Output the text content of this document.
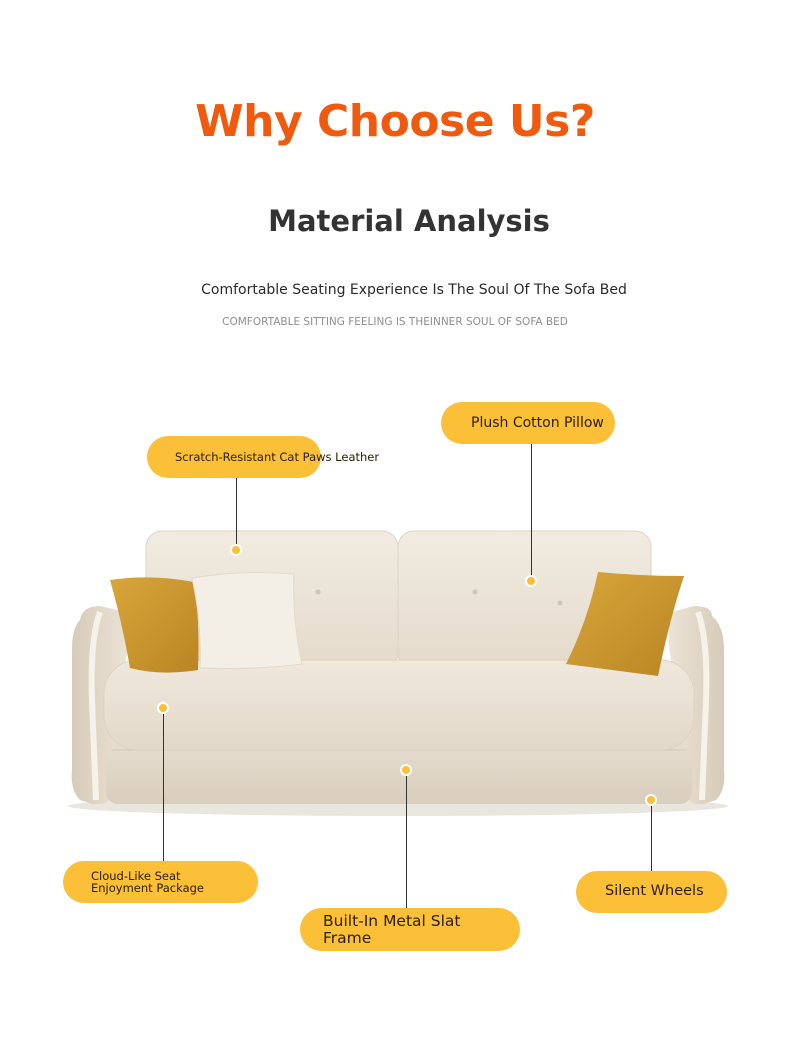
Why Choose Us?
Material Analysis
Comfortable Seating Experience Is The Soul Of The Sofa Bed
COMFORTABLE SITTING FEELING IS THEINNER SOUL OF SOFA BED
Scratch-Resistant Cat Paws Leather
Plush Cotton Pillow
Cloud-Like Seat
Enjoyment Package
Built-In Metal Slat
Frame
Silent Wheels
